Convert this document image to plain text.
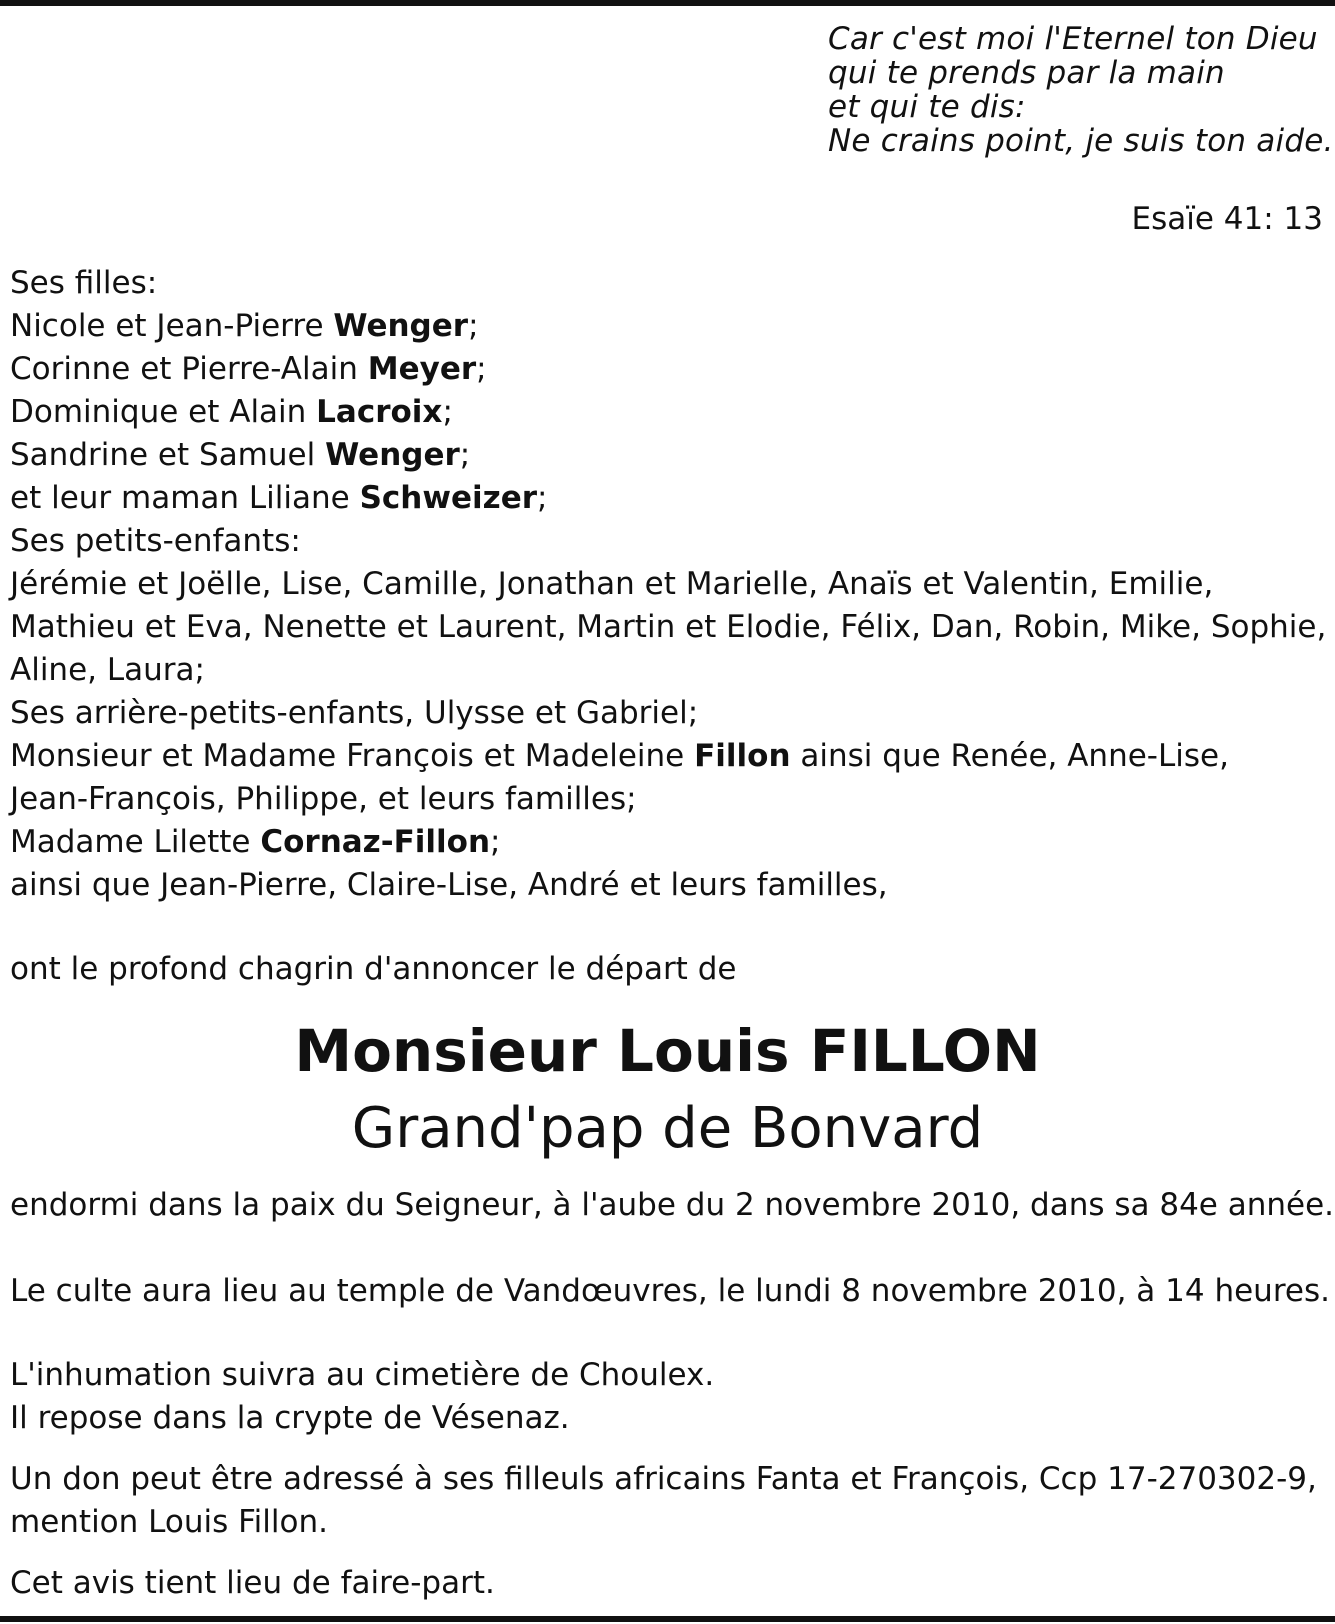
Car c'est moi l'Eternel ton Dieu
qui te prends par la main
et qui te dis:
Ne crains point, je suis ton aide.
Esaïe 41: 13
Ses filles:
Nicole et Jean-Pierre Wenger;
Corinne et Pierre-Alain Meyer;
Dominique et Alain Lacroix;
Sandrine et Samuel Wenger;
et leur maman Liliane Schweizer;
Ses petits-enfants:
Jérémie et Joëlle, Lise, Camille, Jonathan et Marielle, Anaïs et Valentin, Emilie,
Mathieu et Eva, Nenette et Laurent, Martin et Elodie, Félix, Dan, Robin, Mike, Sophie,
Aline, Laura;
Ses arrière-petits-enfants, Ulysse et Gabriel;
Monsieur et Madame François et Madeleine Fillon ainsi que Renée, Anne-Lise,
Jean-François, Philippe, et leurs familles;
Madame Lilette Cornaz-Fillon;
ainsi que Jean-Pierre, Claire-Lise, André et leurs familles,
ont le profond chagrin d'annoncer le départ de
Monsieur Louis FILLON
Grand'pap de Bonvard
endormi dans la paix du Seigneur, à l'aube du 2 novembre 2010, dans sa 84e année.
Le culte aura lieu au temple de Vandœuvres, le lundi 8 novembre 2010, à 14 heures.
L'inhumation suivra au cimetière de Choulex.
Il repose dans la crypte de Vésenaz.
Un don peut être adressé à ses filleuls africains Fanta et François, Ccp 17-270302-9,
mention Louis Fillon.
Cet avis tient lieu de faire-part.
